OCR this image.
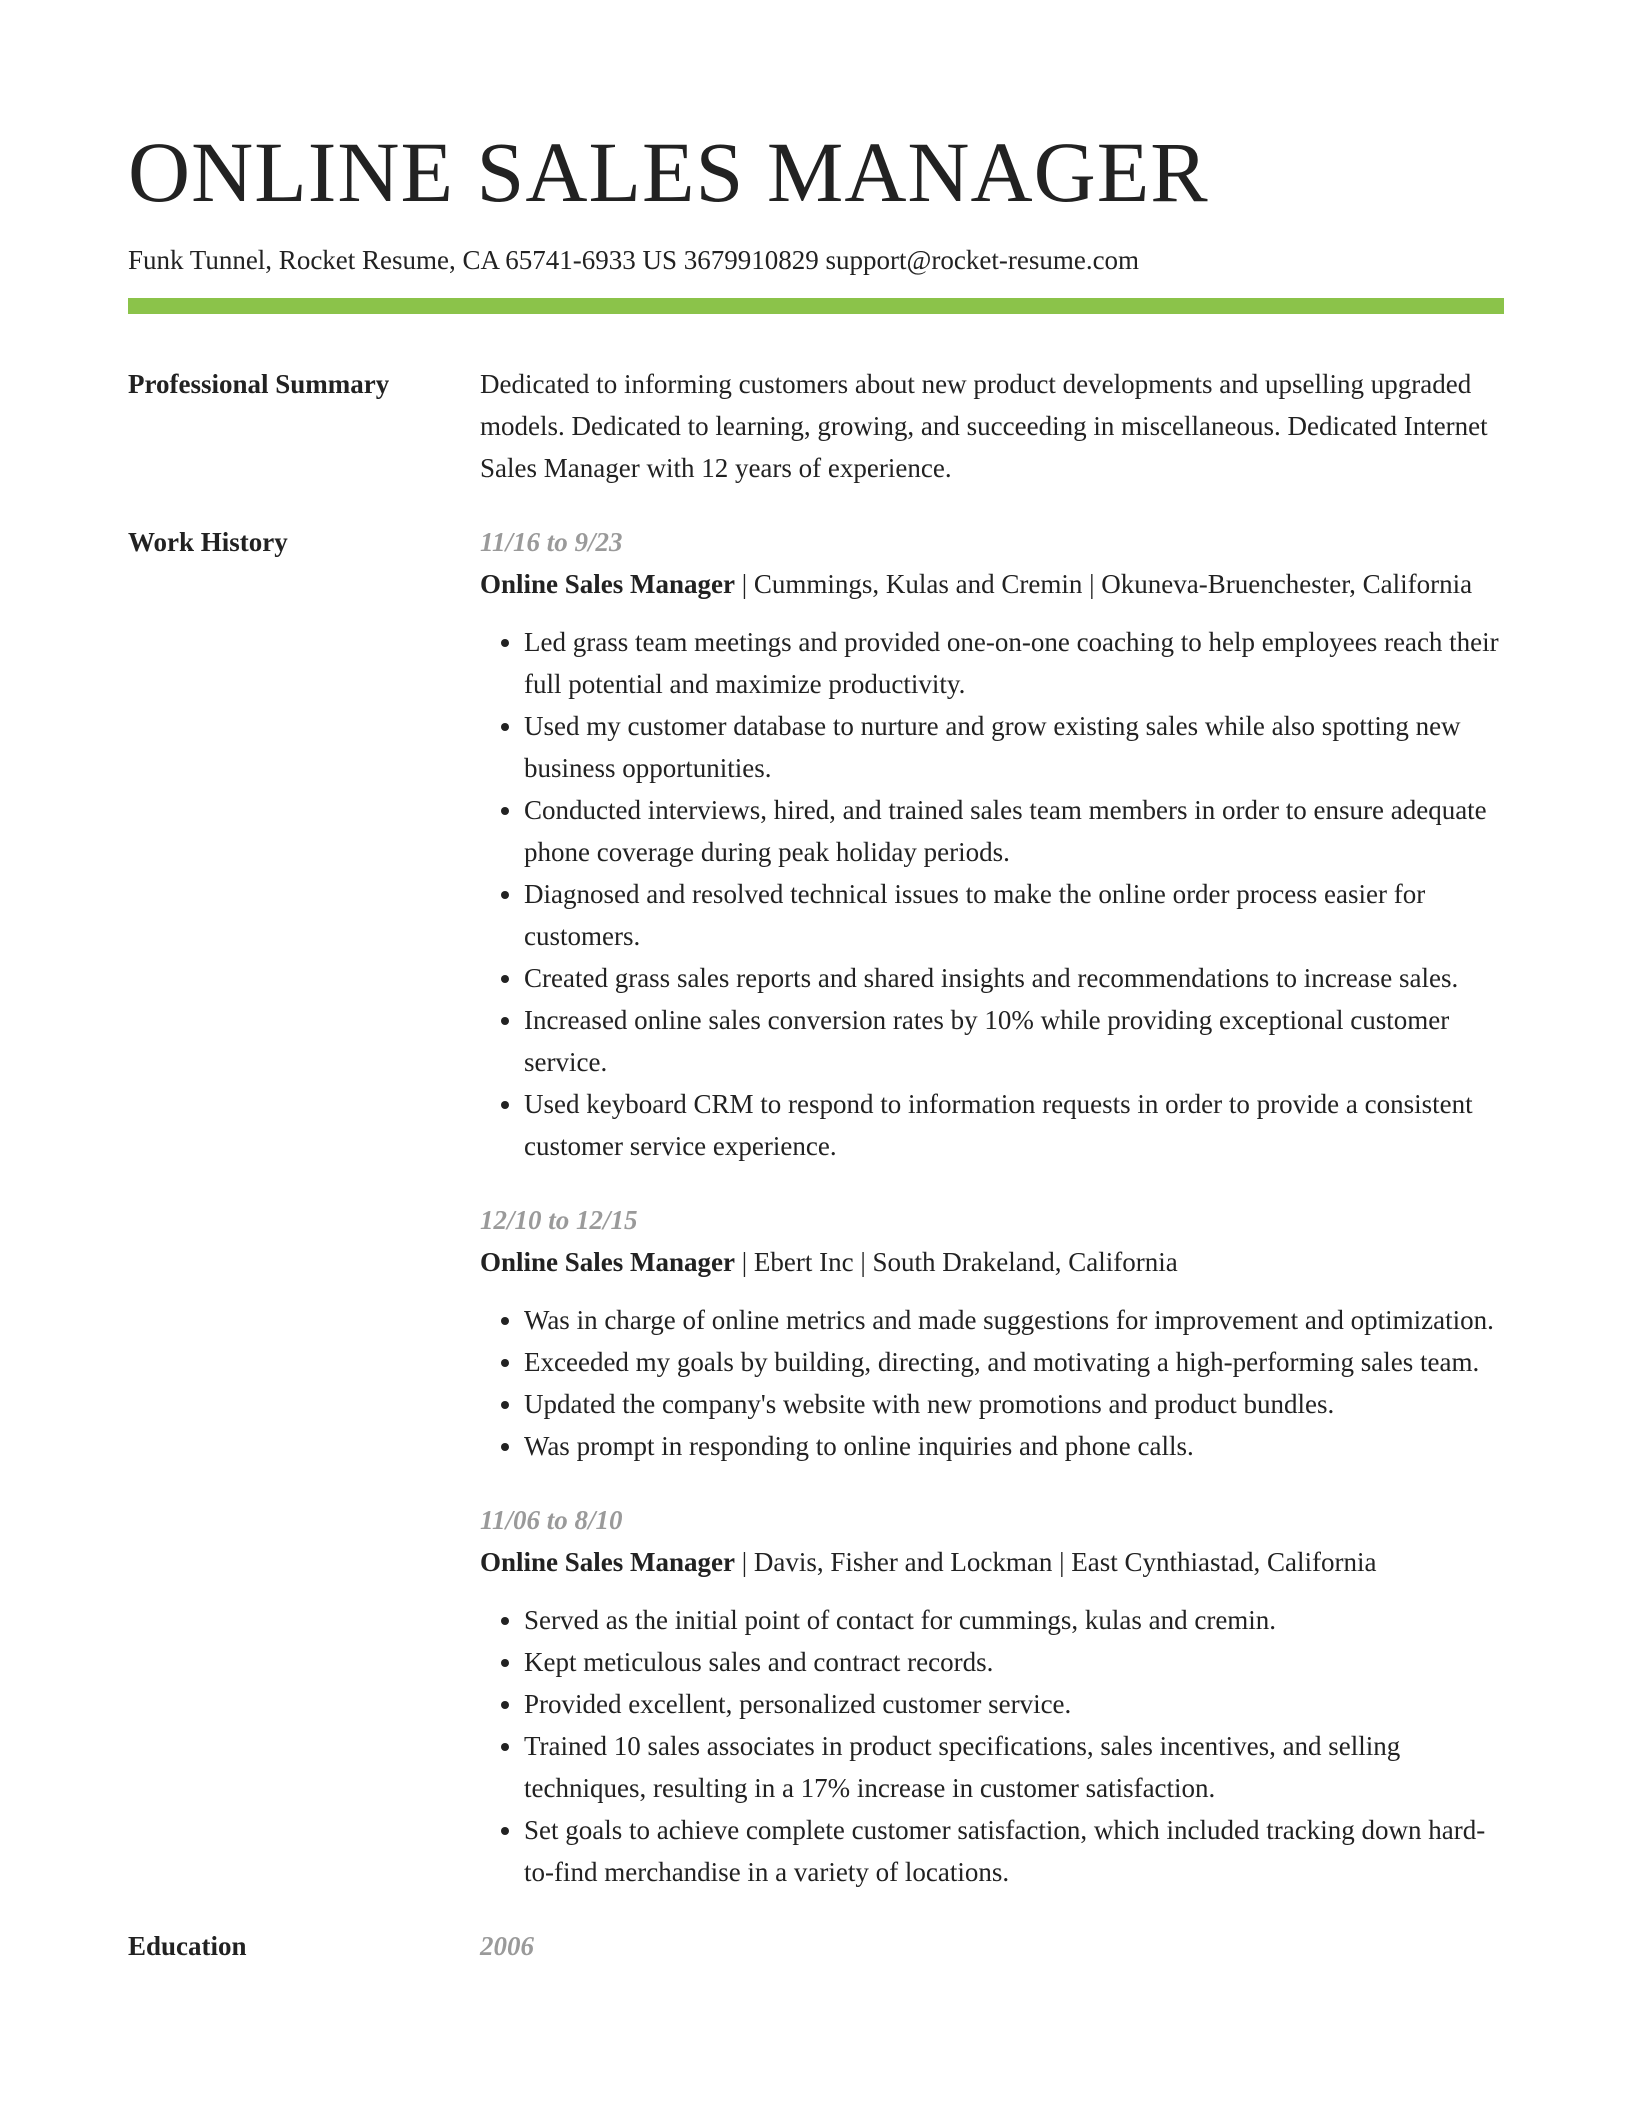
ONLINE SALES MANAGER
Funk Tunnel, Rocket Resume, CA 65741-6933 US 3679910829 support@rocket-resume.com
Professional Summary	Dedicated to informing customers about new product developments and upselling upgraded models. Dedicated to learning, growing, and succeeding in miscellaneous. Dedicated Internet Sales Manager with 12 years of experience.
Work History	11/16 to 9/23
Online Sales Manager | Cummings, Kulas and Cremin | Okuneva-Bruenchester, California
• Led grass team meetings and provided one-on-one coaching to help employees reach their full potential and maximize productivity.
• Used my customer database to nurture and grow existing sales while also spotting new business opportunities.
• Conducted interviews, hired, and trained sales team members in order to ensure adequate phone coverage during peak holiday periods.
• Diagnosed and resolved technical issues to make the online order process easier for customers.
• Created grass sales reports and shared insights and recommendations to increase sales.
• Increased online sales conversion rates by 10% while providing exceptional customer service.
• Used keyboard CRM to respond to information requests in order to provide a consistent customer service experience.
12/10 to 12/15
Online Sales Manager | Ebert Inc | South Drakeland, California
• Was in charge of online metrics and made suggestions for improvement and optimization.
• Exceeded my goals by building, directing, and motivating a high-performing sales team.
• Updated the company's website with new promotions and product bundles.
• Was prompt in responding to online inquiries and phone calls.
11/06 to 8/10
Online Sales Manager | Davis, Fisher and Lockman | East Cynthiastad, California
• Served as the initial point of contact for cummings, kulas and cremin.
• Kept meticulous sales and contract records.
• Provided excellent, personalized customer service.
• Trained 10 sales associates in product specifications, sales incentives, and selling techniques, resulting in a 17% increase in customer satisfaction.
• Set goals to achieve complete customer satisfaction, which included tracking down hard-to-find merchandise in a variety of locations.
Education	2006
